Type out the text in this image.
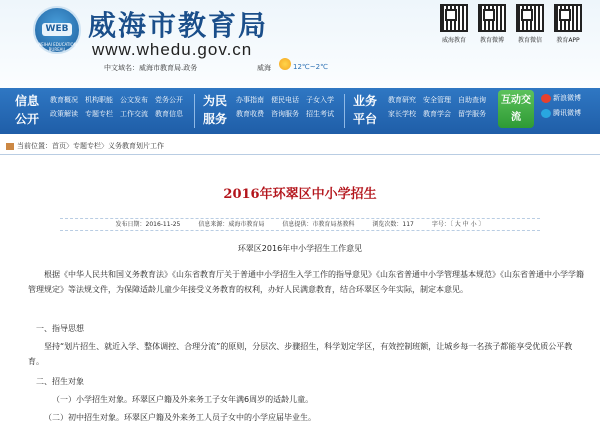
WEB
WEIHAI EDUCATION BUREAU
威海市教育局
www.whedu.gov.cn
中文域名：威海市教育局.政务	威海	12℃~2℃
威海教育	教育微博	教育微信	教育APP
信息公开
教育概况 机构职能 公文发布 党务公开
政策解读 专题专栏 工作交流 教育信息
为民服务
办事指南 便民电话 子女入学
教育收费 咨询服务 招生考试
业务平台
教育研究 安全管理 自助查询
家长学校 教育学会 留学服务
互动交流
新浪微博
腾讯微博
当前位置：首页〉专题专栏〉义务教育划片工作
2016年环翠区中小学招生
发布日期：2016-11-25	信息来源：威海市教育局	信息提供：市教育局基教科	浏览次数：117	字号：〔 大 中 小 〕
环翠区2016年中小学招生工作意见
根据《中华人民共和国义务教育法》《山东省教育厅关于普通中小学招生入学工作的指导意见》《山东省普通中小学管理基本规范》《山东省普通中小学学籍管理规定》等法规文件，为保障适龄儿童少年接受义务教育的权利，办好人民满意教育，结合环翠区今年实际，制定本意见。
一、指导思想
坚持“划片招生、就近入学、整体调控、合理分流”的原则，分层次、步骤招生，科学划定学区，有效控制班额，让城乡每一名孩子都能享受优质公平教育。
二、招生对象
（一）小学招生对象。环翠区户籍及外来务工子女年满6周岁的适龄儿童。
（二）初中招生对象。环翠区户籍及外来务工人员子女中的小学应届毕业生。
